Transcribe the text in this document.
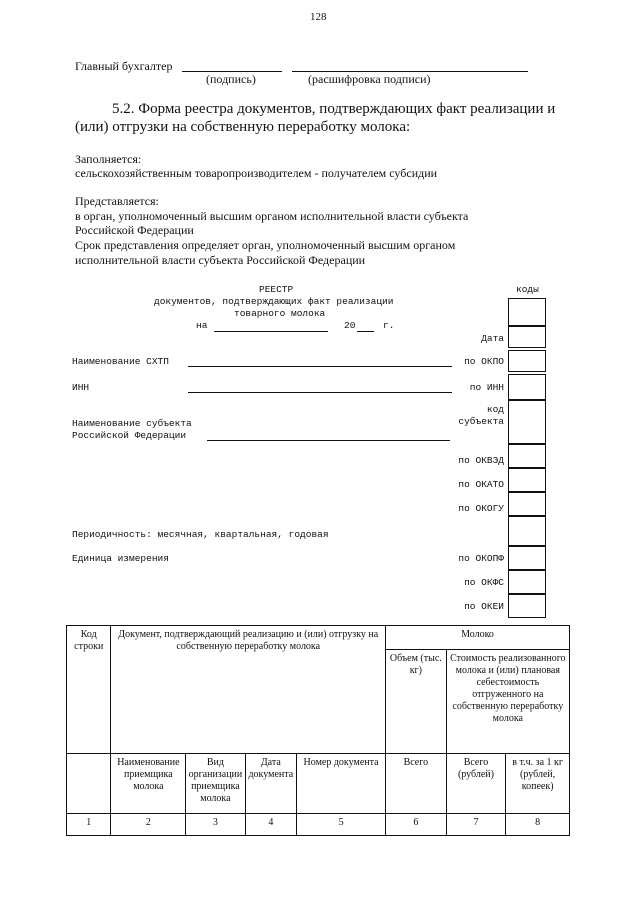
128
Главный бухгалтер
(подпись)	(расшифровка подписи)
5.2. Форма реестра документов, подтверждающих факт реализации и
(или) отгрузки на собственную переработку молока:
Заполняется:
сельскохозяйственным товаропроизводителем - получателем субсидии
Представляется:
в орган, уполномоченный высшим органом исполнительной власти субъекта
Российской Федерации
Срок представления определяет орган, уполномоченный высшим органом
исполнительной власти субъекта Российской Федерации
РЕЕСТР
документов, подтверждающих факт реализации
товарного молока
на	20	г.
коды
Дата
Наименование СХТП	по ОКПО
ИНН	по ИНН
код
субъекта
Наименование субъекта
Российской Федерации
по ОКВЭД
по ОКАТО
по ОКОГУ
Периодичность: месячная, квартальная, годовая
Единица измерения	по ОКОПФ
по ОКФС
по ОКЕИ
Код строки	Документ, подтверждающий реализацию и (или) отгрузку на собственную переработку молока				Молоко		
					Объем (тыс. кг)	Стоимость реализованного молока и (или) плановая себестоимость отгруженного на собственную переработку молока	
	Наименование приемщика молока	Вид организации приемщика молока	Дата документа	Номер документа	Всего	Всего (рублей)	в т.ч. за 1 кг (рублей, копеек)
1	2	3	4	5	6	7	8
